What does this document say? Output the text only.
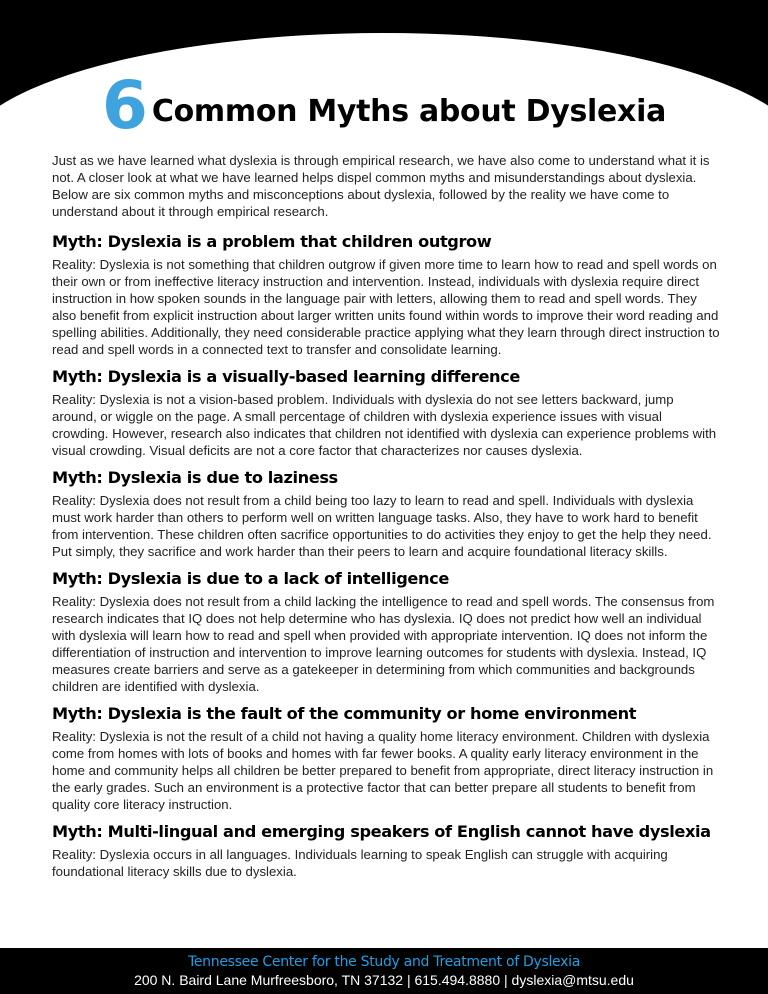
6 Common Myths about Dyslexia

Just as we have learned what dyslexia is through empirical research, we have also come to understand what it is not. A closer look at what we have learned helps dispel common myths and misunderstandings about dyslexia. Below are six common myths and misconceptions about dyslexia, followed by the reality we have come to understand about it through empirical research.

Myth: Dyslexia is a problem that children outgrow

Reality: Dyslexia is not something that children outgrow if given more time to learn how to read and spell words on their own or from ineffective literacy instruction and intervention. Instead, individuals with dyslexia require direct instruction in how spoken sounds in the language pair with letters, allowing them to read and spell words. They also benefit from explicit instruction about larger written units found within words to improve their word reading and spelling abilities. Additionally, they need considerable practice applying what they learn through direct instruction to read and spell words in a connected text to transfer and consolidate learning.

Myth: Dyslexia is a visually-based learning difference

Reality: Dyslexia is not a vision-based problem. Individuals with dyslexia do not see letters backward, jump around, or wiggle on the page. A small percentage of children with dyslexia experience issues with visual crowding. However, research also indicates that children not identified with dyslexia can experience problems with visual crowding. Visual deficits are not a core factor that characterizes nor causes dyslexia.

Myth: Dyslexia is due to laziness

Reality: Dyslexia does not result from a child being too lazy to learn to read and spell. Individuals with dyslexia must work harder than others to perform well on written language tasks. Also, they have to work hard to benefit from intervention. These children often sacrifice opportunities to do activities they enjoy to get the help they need. Put simply, they sacrifice and work harder than their peers to learn and acquire foundational literacy skills.

Myth: Dyslexia is due to a lack of intelligence

Reality: Dyslexia does not result from a child lacking the intelligence to read and spell words. The consensus from research indicates that IQ does not help determine who has dyslexia. IQ does not predict how well an individual with dyslexia will learn how to read and spell when provided with appropriate intervention. IQ does not inform the differentiation of instruction and intervention to improve learning outcomes for students with dyslexia. Instead, IQ measures create barriers and serve as a gatekeeper in determining from which communities and backgrounds children are identified with dyslexia.

Myth: Dyslexia is the fault of the community or home environment

Reality: Dyslexia is not the result of a child not having a quality home literacy environment. Children with dyslexia come from homes with lots of books and homes with far fewer books. A quality early literacy environment in the home and community helps all children be better prepared to benefit from appropriate, direct literacy instruction in the early grades. Such an environment is a protective factor that can better prepare all students to benefit from quality core literacy instruction.

Myth: Multi-lingual and emerging speakers of English cannot have dyslexia

Reality: Dyslexia occurs in all languages. Individuals learning to speak English can struggle with acquiring foundational literacy skills due to dyslexia.

Tennessee Center for the Study and Treatment of Dyslexia
200 N. Baird Lane Murfreesboro, TN 37132 | 615.494.8880 | dyslexia@mtsu.edu
